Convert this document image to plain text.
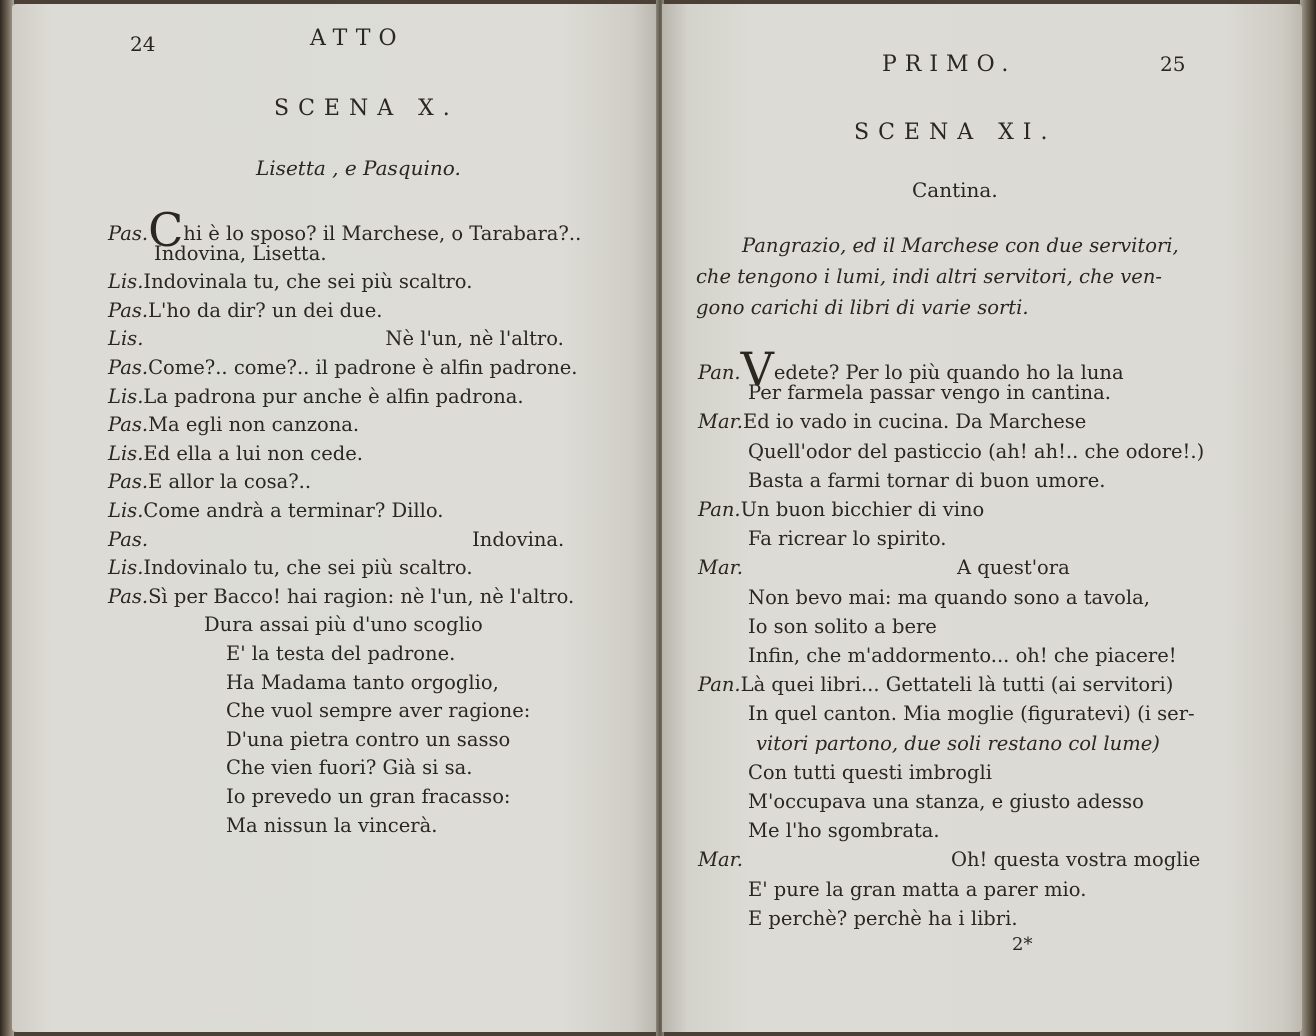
24	ATTO
SCENA X.
Lisetta , e Pasquino.
Pas.Chi è lo sposo? il Marchese, o Tarabara?..
Indovina, Lisetta.
Lis.Indovinala tu, che sei più scaltro.
Pas.L'ho da dir? un dei due.
Lis.	Nè l'un, nè l'altro.
Pas.Come?.. come?.. il padrone è alfin padrone.
Lis.La padrona pur anche è alfin padrona.
Pas.Ma egli non canzona.
Lis.Ed ella a lui non cede.
Pas.E allor la cosa?..
Lis.Come andrà a terminar? Dillo.
Pas.	Indovina.
Lis.Indovinalo tu, che sei più scaltro.
Pas.Sì per Bacco! hai ragion: nè l'un, nè l'altro.
Dura assai più d'uno scoglio
E' la testa del padrone.
Ha Madama tanto orgoglio,
Che vuol sempre aver ragione:
D'una pietra contro un sasso
Che vien fuori? Già si sa.
Io prevedo un gran fracasso:
Ma nissun la vincerà.
PRIMO.	25
SCENA XI.
Cantina.
Pangrazio, ed il Marchese con due servitori,
che tengono i lumi, indi altri servitori, che ven-
gono carichi di libri di varie sorti.
Pan.Vedete? Per lo più quando ho la luna
Per farmela passar vengo in cantina.
Mar.Ed io vado in cucina. Da Marchese
Quell'odor del pasticcio (ah! ah!.. che odore!.)
Basta a farmi tornar di buon umore.
Pan.Un buon bicchier di vino
Fa ricrear lo spirito.
Mar.	A quest'ora
Non bevo mai: ma quando sono a tavola,
Io son solito a bere
Infin, che m'addormento... oh! che piacere!
Pan.Là quei libri... Gettateli là tutti (ai servitori)
In quel canton. Mia moglie (figuratevi) (i ser-
vitori partono, due soli restano col lume)
Con tutti questi imbrogli
M'occupava una stanza, e giusto adesso
Me l'ho sgombrata.
Mar.	Oh! questa vostra moglie
E' pure la gran matta a parer mio.
E perchè? perchè ha i libri.
2*
